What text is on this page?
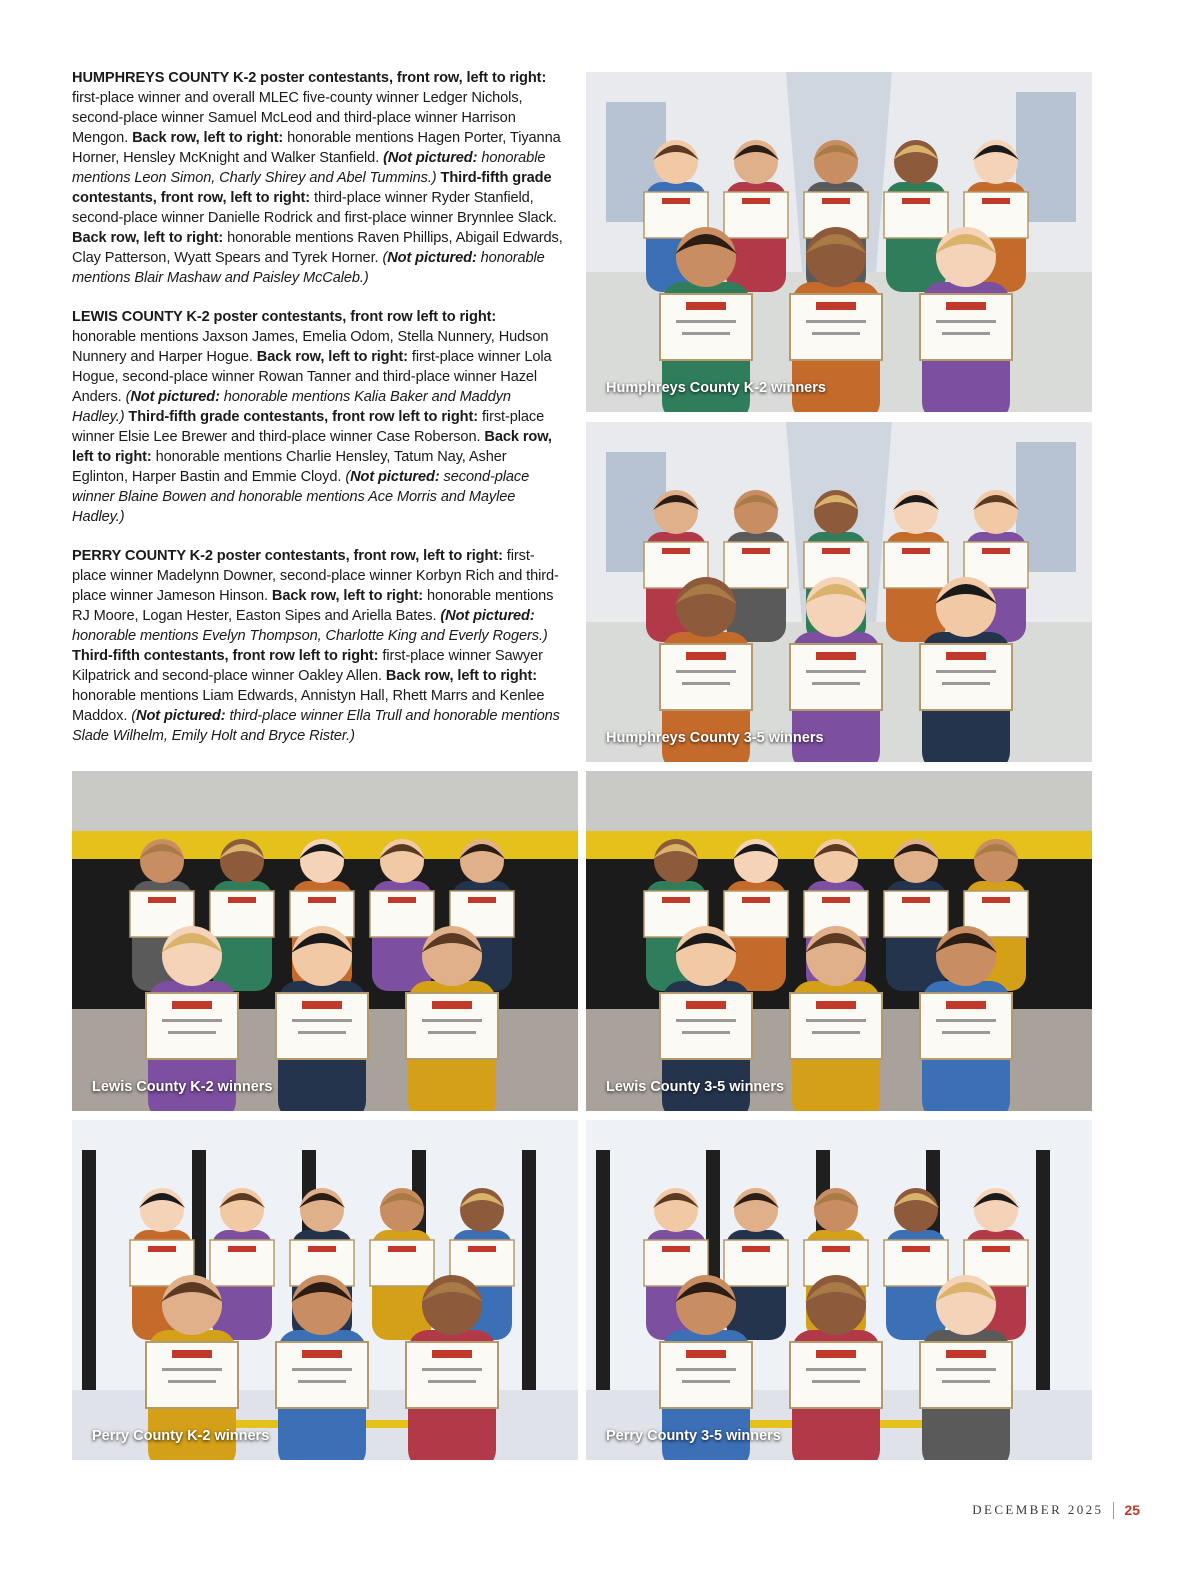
HUMPHREYS COUNTY K-2 poster contestants, front row, left to right: first-place winner and overall MLEC five-county winner Ledger Nichols, second-place winner Samuel McLeod and third-place winner Harrison Mengon. Back row, left to right: honorable mentions Hagen Porter, Tiyanna Horner, Hensley McKnight and Walker Stanfield. (Not pictured: honorable mentions Leon Simon, Charly Shirey and Abel Tummins.) Third-fifth grade contestants, front row, left to right: third-place winner Ryder Stanfield, second-place winner Danielle Rodrick and first-place winner Brynnlee Slack. Back row, left to right: honorable mentions Raven Phillips, Abigail Edwards, Clay Patterson, Wyatt Spears and Tyrek Horner. (Not pictured: honorable mentions Blair Mashaw and Paisley McCaleb.)

LEWIS COUNTY K-2 poster contestants, front row left to right: honorable mentions Jaxson James, Emelia Odom, Stella Nunnery, Hudson Nunnery and Harper Hogue. Back row, left to right: first-place winner Lola Hogue, second-place winner Rowan Tanner and third-place winner Hazel Anders. (Not pictured: honorable mentions Kalia Baker and Maddyn Hadley.) Third-fifth grade contestants, front row left to right: first-place winner Elsie Lee Brewer and third-place winner Case Roberson. Back row, left to right: honorable mentions Charlie Hensley, Tatum Nay, Asher Eglinton, Harper Bastin and Emmie Cloyd. (Not pictured: second-place winner Blaine Bowen and honorable mentions Ace Morris and Maylee Hadley.)

PERRY COUNTY K-2 poster contestants, front row, left to right: first-place winner Madelynn Downer, second-place winner Korbyn Rich and third-place winner Jameson Hinson. Back row, left to right: honorable mentions RJ Moore, Logan Hester, Easton Sipes and Ariella Bates. (Not pictured: honorable mentions Evelyn Thompson, Charlotte King and Everly Rogers.) Third-fifth contestants, front row left to right: first-place winner Sawyer Kilpatrick and second-place winner Oakley Allen. Back row, left to right: honorable mentions Liam Edwards, Annistyn Hall, Rhett Marrs and Kenlee Maddox. (Not pictured: third-place winner Ella Trull and honorable mentions Slade Wilhelm, Emily Holt and Bryce Rister.)

Humphreys County K-2 winners
Humphreys County 3-5 winners
Lewis County K-2 winners	Lewis County 3-5 winners
Perry County K-2 winners	Perry County 3-5 winners
DECEMBER 2025 25
